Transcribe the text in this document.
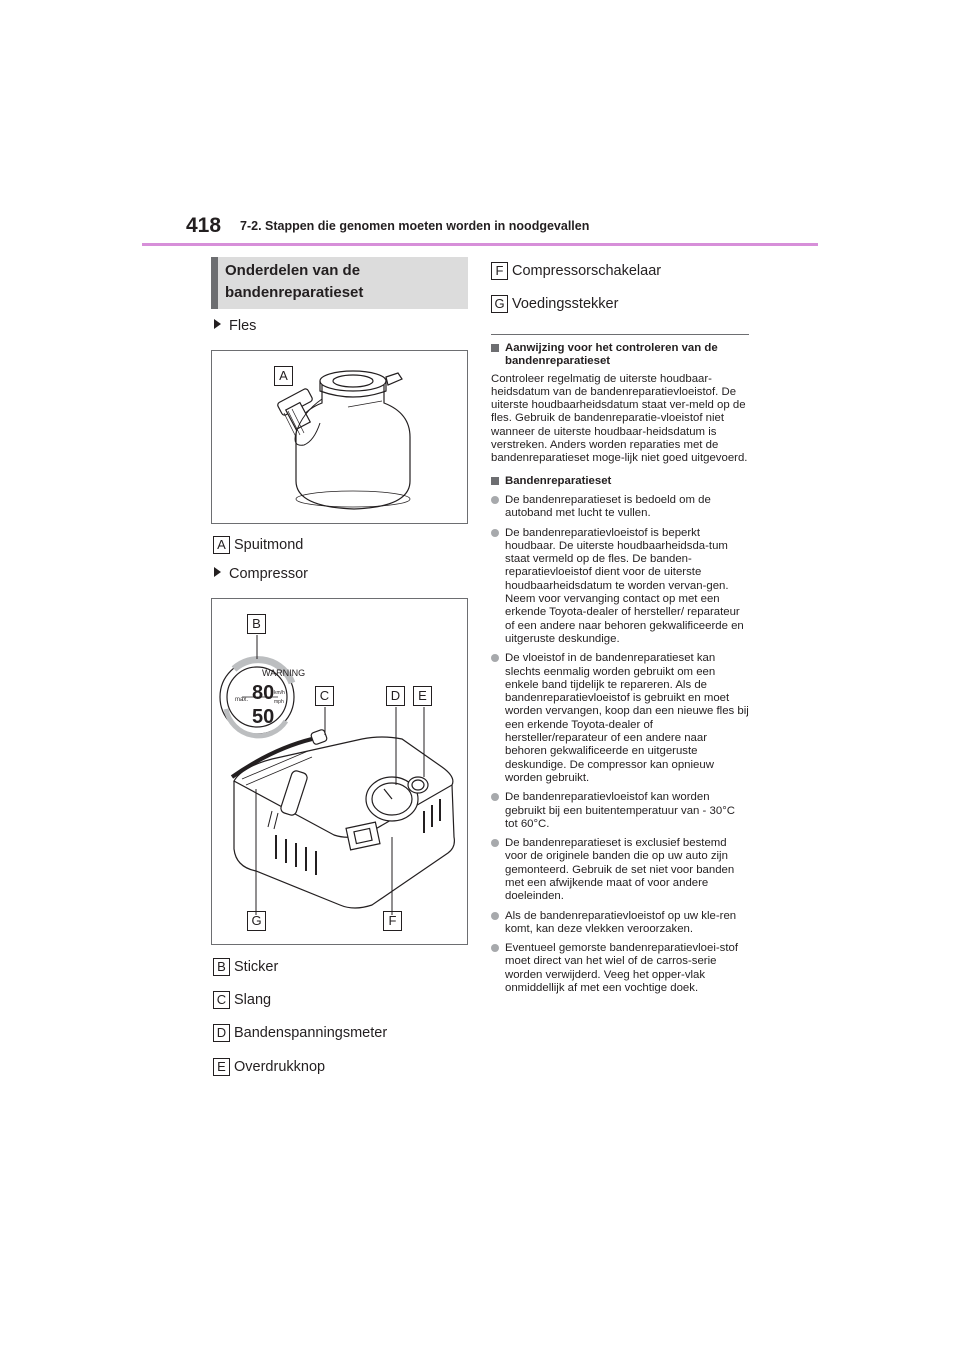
418 7-2. Stappen die genomen moeten worden in noodgevallen
Onderdelen van de
bandenreparatieset
Fles
A
A Spuitmond
Compressor
WARNING
80
50
max.
km/h
mph
B
C	D	E
G	F
B Sticker
C Slang
D Bandenspanningsmeter
E Overdrukknop
F Compressorschakelaar
G Voedingsstekker
Aanwijzing voor het controleren van de bandenreparatieset
Controleer regelmatig de uiterste houdbaar-heidsdatum van de bandenreparatievloeistof. De uiterste houdbaarheidsdatum staat ver-meld op de fles. Gebruik de bandenreparatie-vloeistof niet wanneer de uiterste houdbaar-heidsdatum is verstreken. Anders worden reparaties met de bandenreparatieset moge-lijk niet goed uitgevoerd.
Bandenreparatieset
De bandenreparatieset is bedoeld om de autoband met lucht te vullen.
De bandenreparatievloeistof is beperkt houdbaar. De uiterste houdbaarheidsda-tum staat vermeld op de fles. De banden-reparatievloeistof dient voor de uiterste houdbaarheidsdatum te worden vervan-gen. Neem voor vervanging contact op met een erkende Toyota-dealer of hersteller/ reparateur of een andere naar behoren gekwalificeerde en uitgeruste deskundige.
De vloeistof in de bandenreparatieset kan slechts eenmalig worden gebruikt om een enkele band tijdelijk te repareren. Als de bandenreparatievloeistof is gebruikt en moet worden vervangen, koop dan een nieuwe fles bij een erkende Toyota-dealer of hersteller/reparateur of een andere naar behoren gekwalificeerde en uitgeruste deskundige. De compressor kan opnieuw worden gebruikt.
De bandenreparatievloeistof kan worden gebruikt bij een buitentemperatuur van - 30°C tot 60°C.
De bandenreparatieset is exclusief bestemd voor de originele banden die op uw auto zijn gemonteerd. Gebruik de set niet voor banden met een afwijkende maat of voor andere doeleinden.
Als de bandenreparatievloeistof op uw kle-ren komt, kan deze vlekken veroorzaken.
Eventueel gemorste bandenreparatievloei-stof moet direct van het wiel of de carros-serie worden verwijderd. Veeg het opper-vlak onmiddellijk af met een vochtige doek.
